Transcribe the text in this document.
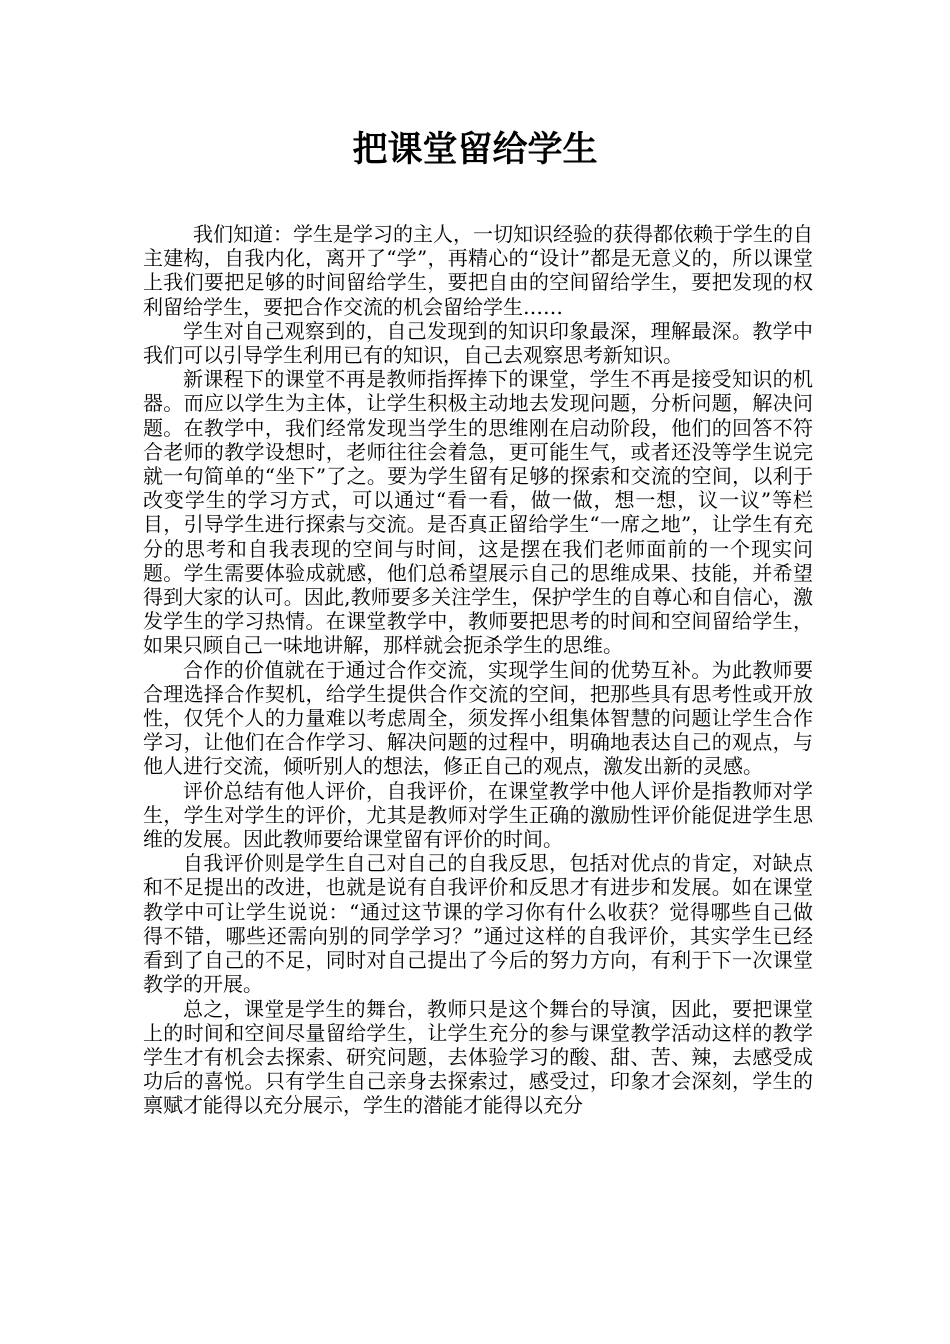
把课堂留给学生

我们知道：学生是学习的主人，一切知识经验的获得都依赖于学生的自主建构，自我内化，离开了“学”，再精心的“设计”都是无意义的，所以课堂上我们要把足够的时间留给学生，要把自由的空间留给学生，要把发现的权利留给学生，要把合作交流的机会留给学生……

学生对自己观察到的，自己发现到的知识印象最深，理解最深。教学中我们可以引导学生利用已有的知识，自己去观察思考新知识。

新课程下的课堂不再是教师指挥捧下的课堂，学生不再是接受知识的机器。而应以学生为主体，让学生积极主动地去发现问题，分析问题，解决问题。在教学中，我们经常发现当学生的思维刚在启动阶段，他们的回答不符合老师的教学设想时，老师往往会着急，更可能生气，或者还没等学生说完就一句简单的“坐下”了之。要为学生留有足够的探索和交流的空间，以利于改变学生的学习方式，可以通过“看一看，做一做，想一想，议一议”等栏目，引导学生进行探索与交流。是否真正留给学生“一席之地”，让学生有充分的思考和自我表现的空间与时间，这是摆在我们老师面前的一个现实问题。学生需要体验成就感，他们总希望展示自己的思维成果、技能，并希望得到大家的认可。因此,教师要多关注学生，保护学生的自尊心和自信心，激发学生的学习热情。在课堂教学中，教师要把思考的时间和空间留给学生，如果只顾自己一味地讲解，那样就会扼杀学生的思维。

合作的价值就在于通过合作交流，实现学生间的优势互补。为此教师要合理选择合作契机，给学生提供合作交流的空间，把那些具有思考性或开放性，仅凭个人的力量难以考虑周全，须发挥小组集体智慧的问题让学生合作学习，让他们在合作学习、解决问题的过程中，明确地表达自己的观点，与他人进行交流，倾听别人的想法，修正自己的观点，激发出新的灵感。

评价总结有他人评价，自我评价，在课堂教学中他人评价是指教师对学生，学生对学生的评价，尤其是教师对学生正确的激励性评价能促进学生思维的发展。因此教师要给课堂留有评价的时间。

自我评价则是学生自己对自己的自我反思，包括对优点的肯定，对缺点和不足提出的改进，也就是说有自我评价和反思才有进步和发展。如在课堂教学中可让学生说说：“通过这节课的学习你有什么收获？觉得哪些自己做得不错，哪些还需向别的同学学习？”通过这样的自我评价，其实学生已经看到了自己的不足，同时对自己提出了今后的努力方向，有利于下一次课堂教学的开展。

总之，课堂是学生的舞台，教师只是这个舞台的导演，因此，要把课堂上的时间和空间尽量留给学生，让学生充分的参与课堂教学活动这样的教学学生才有机会去探索、研究问题，去体验学习的酸、甜、苦、辣，去感受成功后的喜悦。只有学生自己亲身去探索过，感受过，印象才会深刻，学生的禀赋才能得以充分展示，学生的潜能才能得以充分
